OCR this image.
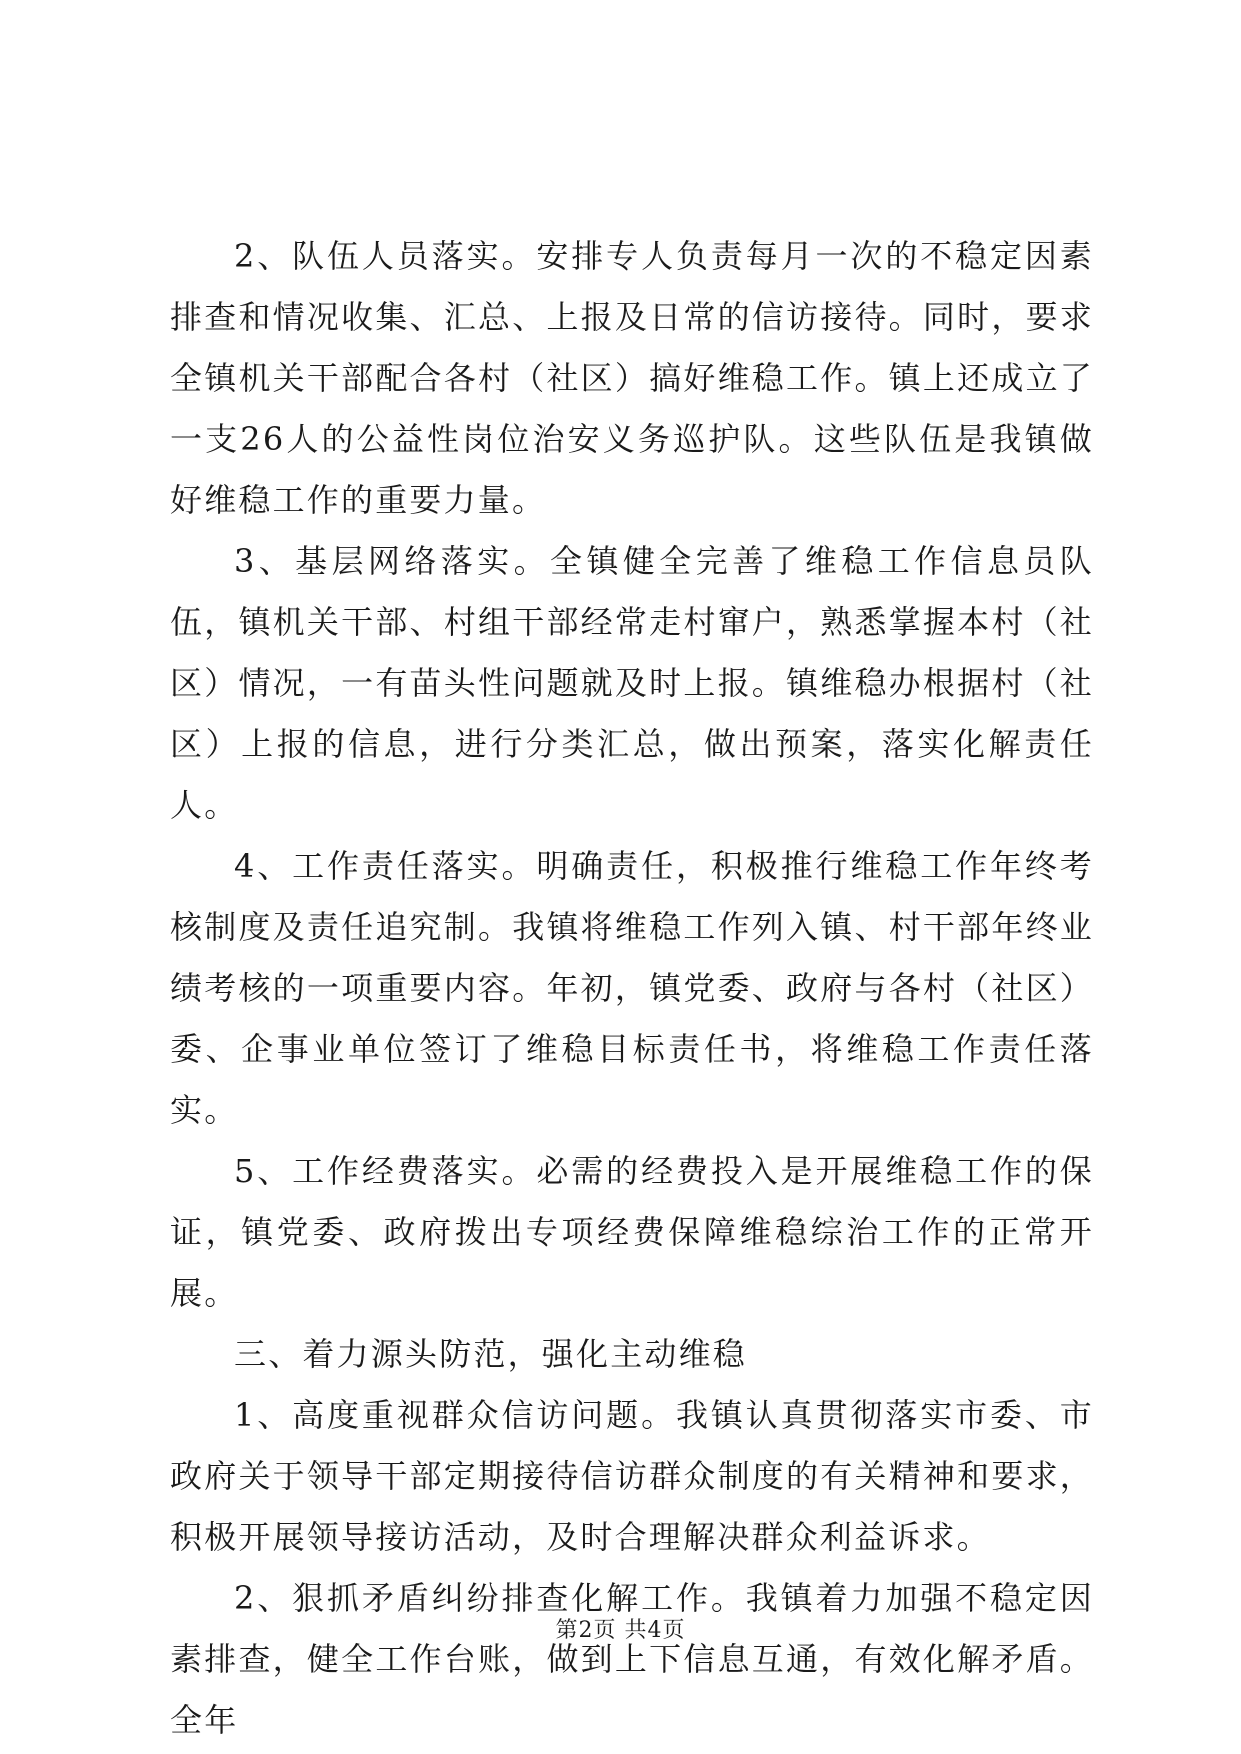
2、队伍人员落实。安排专人负责每月一次的不稳定因素排查和情况收集、汇总、上报及日常的信访接待。同时，要求全镇机关干部配合各村（社区）搞好维稳工作。镇上还成立了一支26人的公益性岗位治安义务巡护队。这些队伍是我镇做好维稳工作的重要力量。

3、基层网络落实。全镇健全完善了维稳工作信息员队伍，镇机关干部、村组干部经常走村窜户，熟悉掌握本村（社区）情况，一有苗头性问题就及时上报。镇维稳办根据村（社区）上报的信息，进行分类汇总，做出预案，落实化解责任人。

4、工作责任落实。明确责任，积极推行维稳工作年终考核制度及责任追究制。我镇将维稳工作列入镇、村干部年终业绩考核的一项重要内容。年初，镇党委、政府与各村（社区）委、企事业单位签订了维稳目标责任书，将维稳工作责任落实。

5、工作经费落实。必需的经费投入是开展维稳工作的保证，镇党委、政府拨出专项经费保障维稳综治工作的正常开展。

三、着力源头防范，强化主动维稳

1、高度重视群众信访问题。我镇认真贯彻落实市委、市政府关于领导干部定期接待信访群众制度的有关精神和要求，积极开展领导接访活动，及时合理解决群众利益诉求。

2、狠抓矛盾纠纷排查化解工作。我镇着力加强不稳定因素排查，健全工作台账，做到上下信息互通，有效化解矛盾。全年

第2页 共4页
